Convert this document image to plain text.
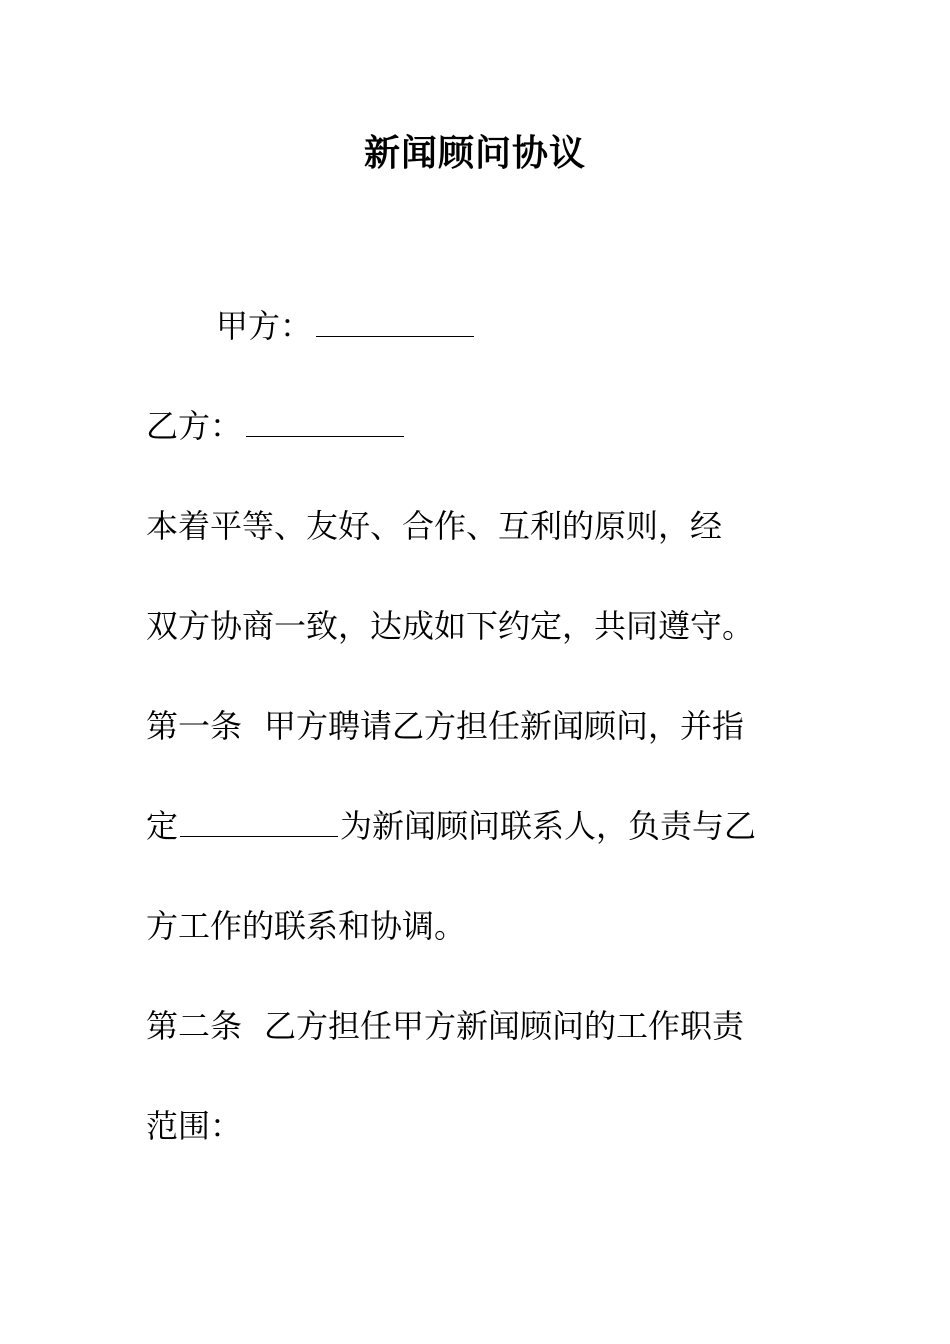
新闻顾问协议
甲方：
乙方：
本着平等、友好、合作、互利的原则，经
双方协商一致，达成如下约定，共同遵守。
第一条 甲方聘请乙方担任新闻顾问，并指
定	为新闻顾问联系人，负责与乙
方工作的联系和协调。
第二条 乙方担任甲方新闻顾问的工作职责
范围：
